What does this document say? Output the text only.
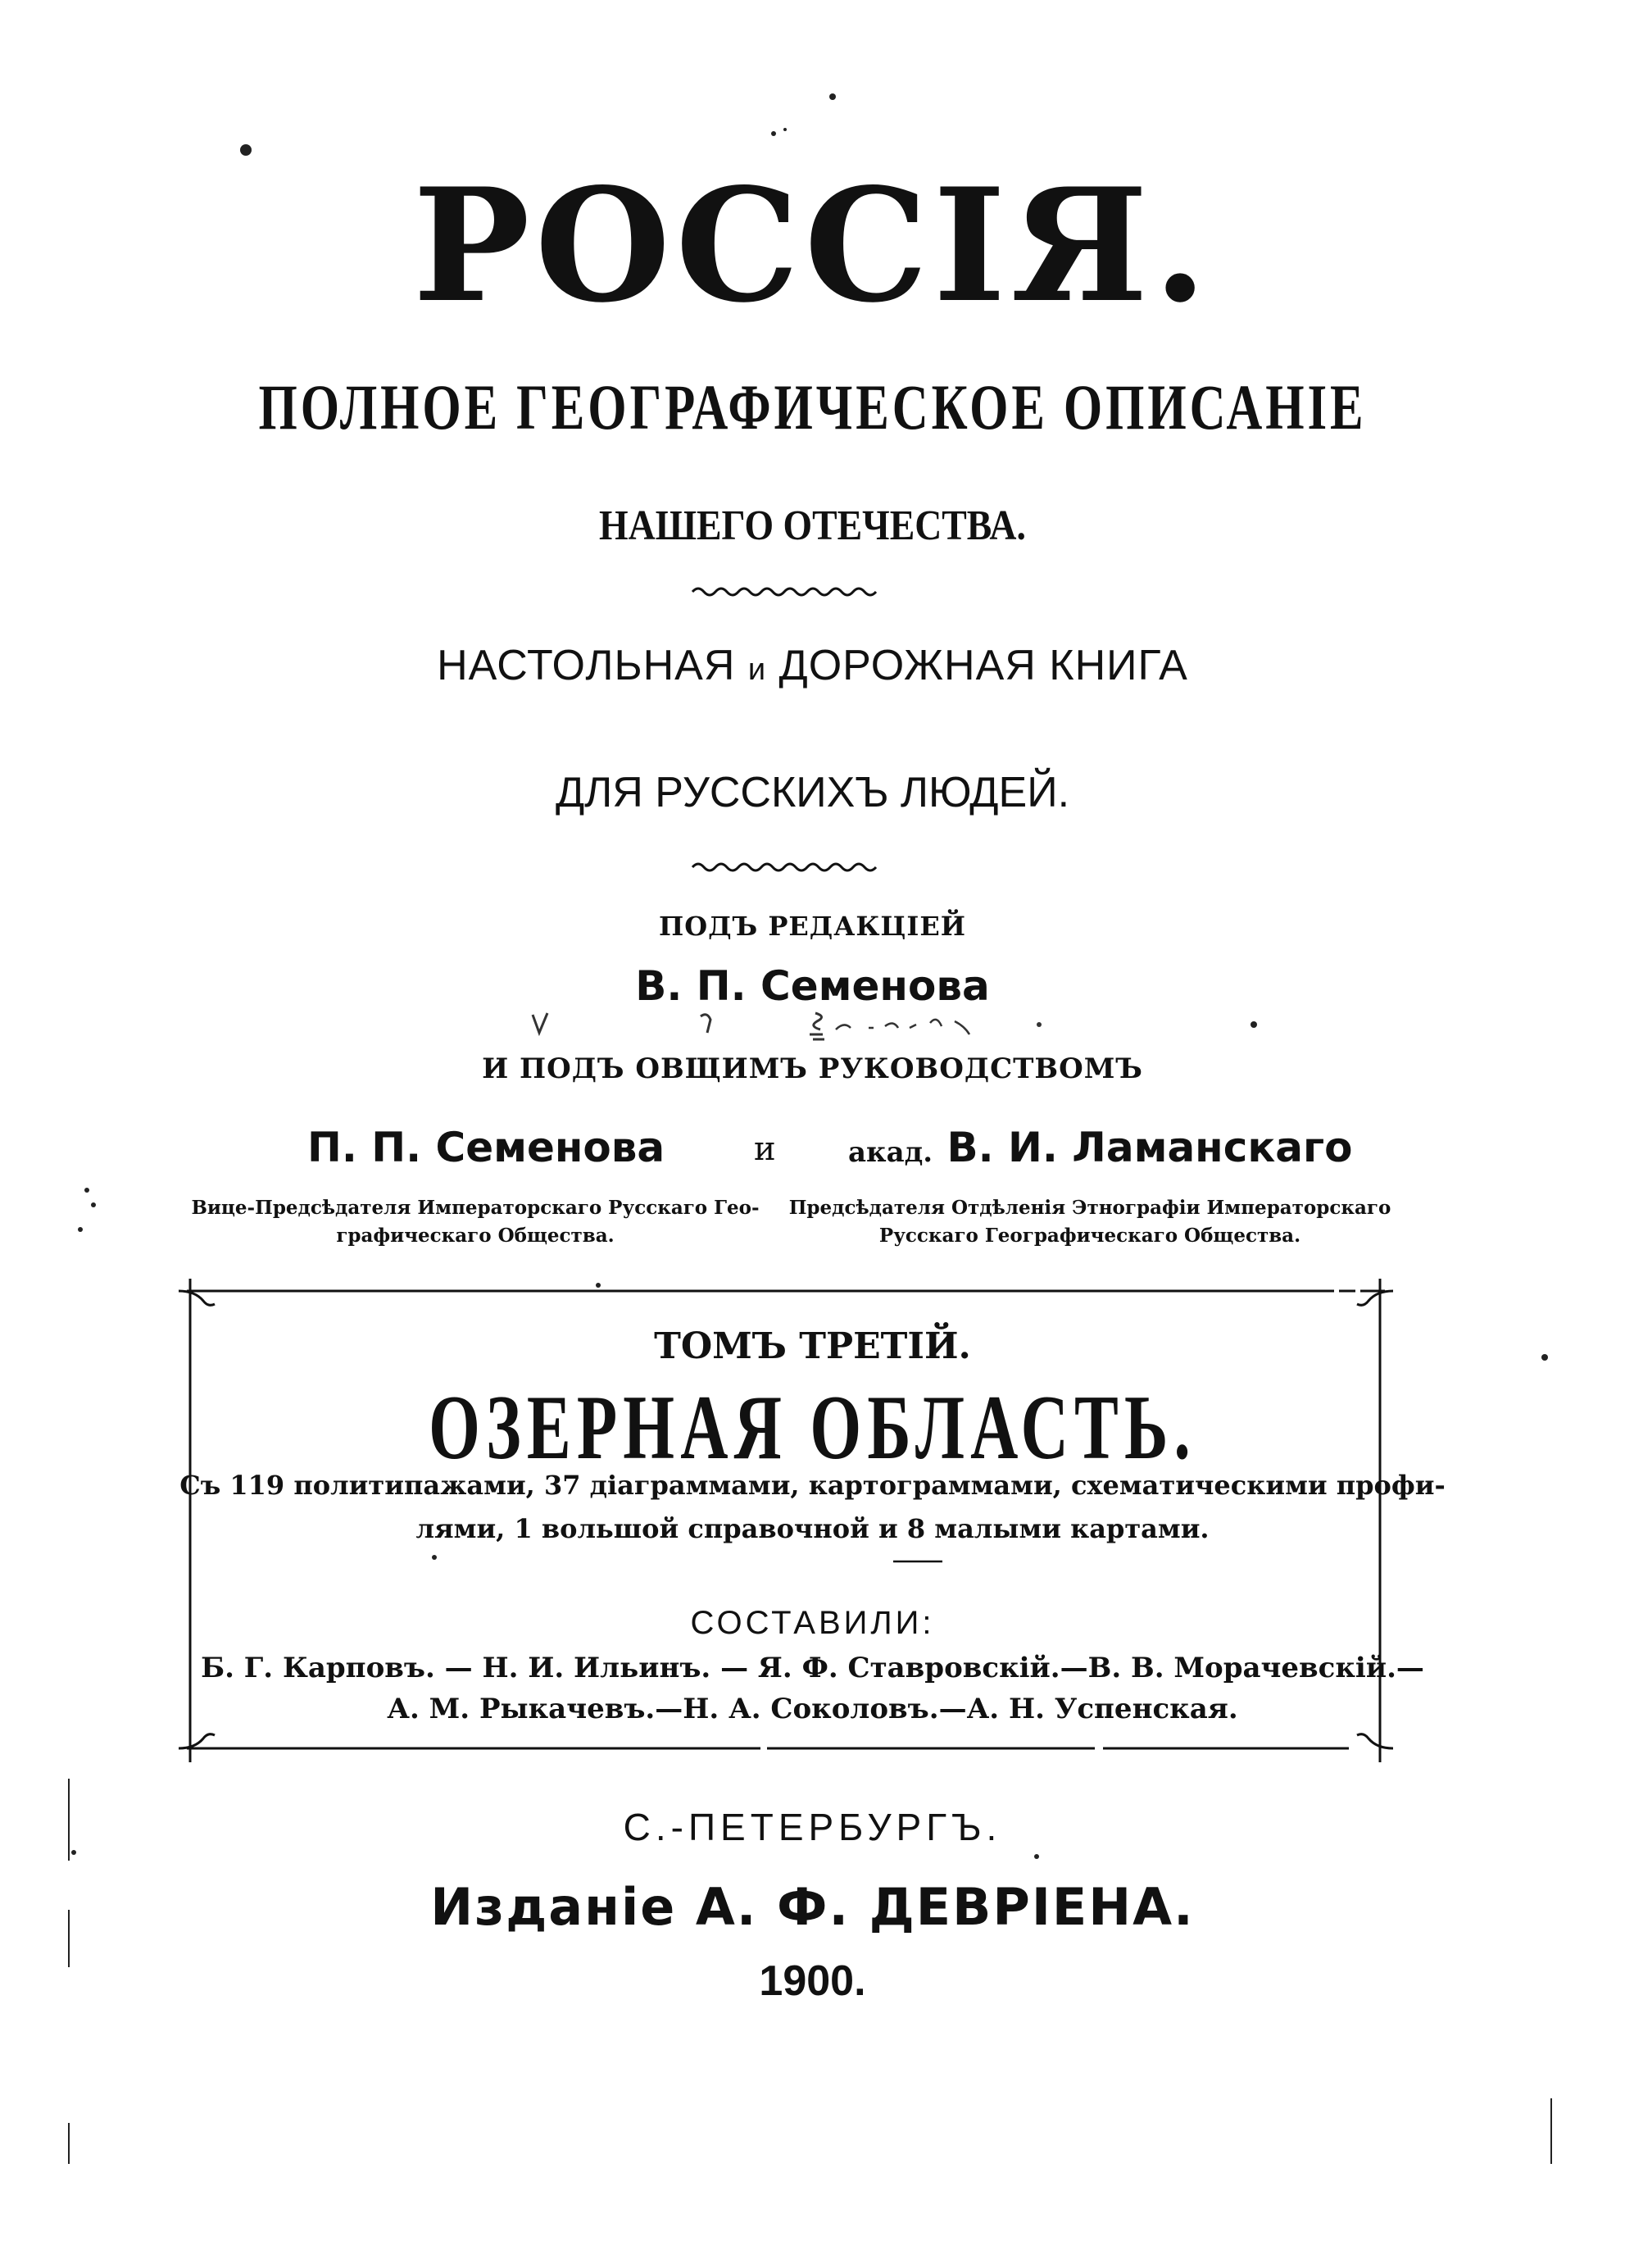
РОССІЯ.
ПОЛНОЕ ГЕОГРАФИЧЕСКОЕ ОПИСАНІЕ
НАШЕГО ОТЕЧЕСТВА.
НАСТОЛЬНАЯ и ДОРОЖНАЯ КНИГА
ДЛЯ РУССКИХЪ ЛЮДЕЙ.
ПОДЪ РЕДАКЦІЕЙ
В. П. Семенова
И ПОДЪ ОВЩИМЪ РУКОВОДСТВОМЪ
П. П. Семенова	и	акад. В. И. Ламанскаго
Вице-Предсѣдателя Императорскаго Русскаго Гео-
графическаго Общества.
Предсѣдателя Отдѣленія Этнографіи Императорскаго
Русскаго Географическаго Общества.
ТОМЪ ТРЕТІЙ.
ОЗЕРНАЯ ОБЛАСТЬ.
Съ 119 политипажами, 37 діаграммами, картограммами, схематическими профи-
лями, 1 вольшой справочной и 8 малыми картами.
СОСТАВИЛИ:
Б. Г. Карповъ. — Н. И. Ильинъ. — Я. Ф. Ставровскій.—В. В. Морачевскій.—
А. М. Рыкачевъ.—Н. А. Соколовъ.—А. Н. Успенская.
С.-ПЕТЕРБУРГЪ.
Изданіе А. Ф. ДЕВРІЕНА.
1900.
